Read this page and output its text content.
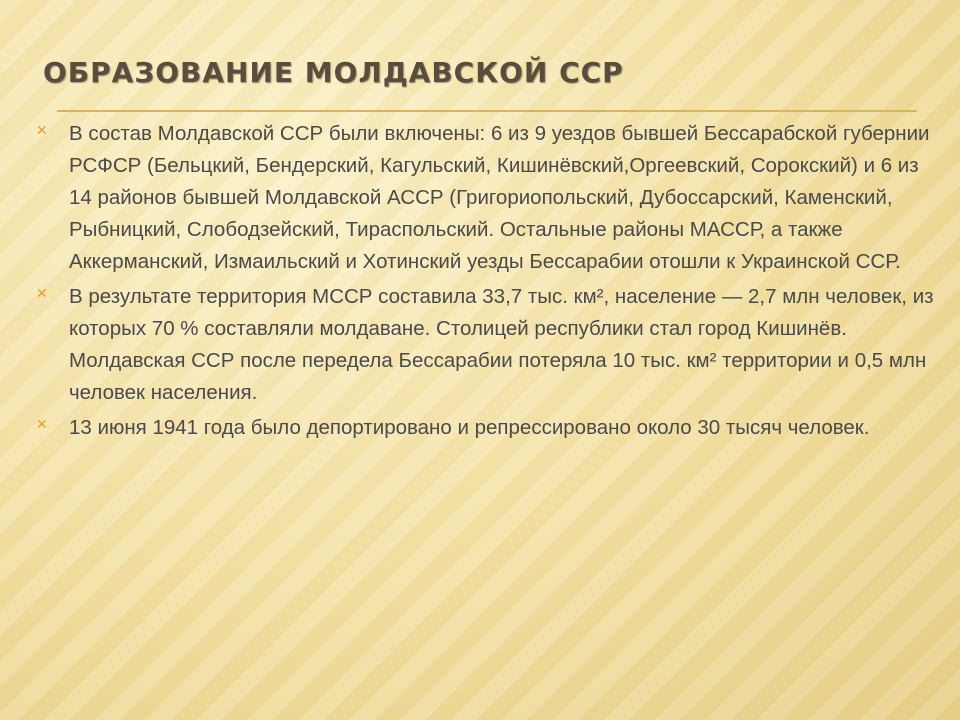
ОБРАЗОВАНИЕ МОЛДАВСКОЙ ССР
✕ В состав Молдавской ССР были включены: 6 из 9 уездов бывшей Бессарабской губернии РСФСР (Бельцкий, Бендерский, Кагульский, Кишинёвский,Оргеевский, Сорокский) и 6 из 14 районов бывшей Молдавской АССР (Григориопольский, Дубоссарский, Каменский, Рыбницкий, Слободзейский, Тираспольский. Остальные районы МАССР, а также Аккерманский, Измаильский и Хотинский уезды Бессарабии отошли к Украинской ССР.
✕ В результате территория МССР составила 33,7 тыс. км², население — 2,7 млн человек, из которых 70 % составляли молдаване. Столицей республики стал город Кишинёв. Молдавская ССР после передела Бессарабии потеряла 10 тыс. км² территории и 0,5 млн человек населения.
✕ 13 июня 1941 года было депортировано и репрессировано около 30 тысяч человек.
